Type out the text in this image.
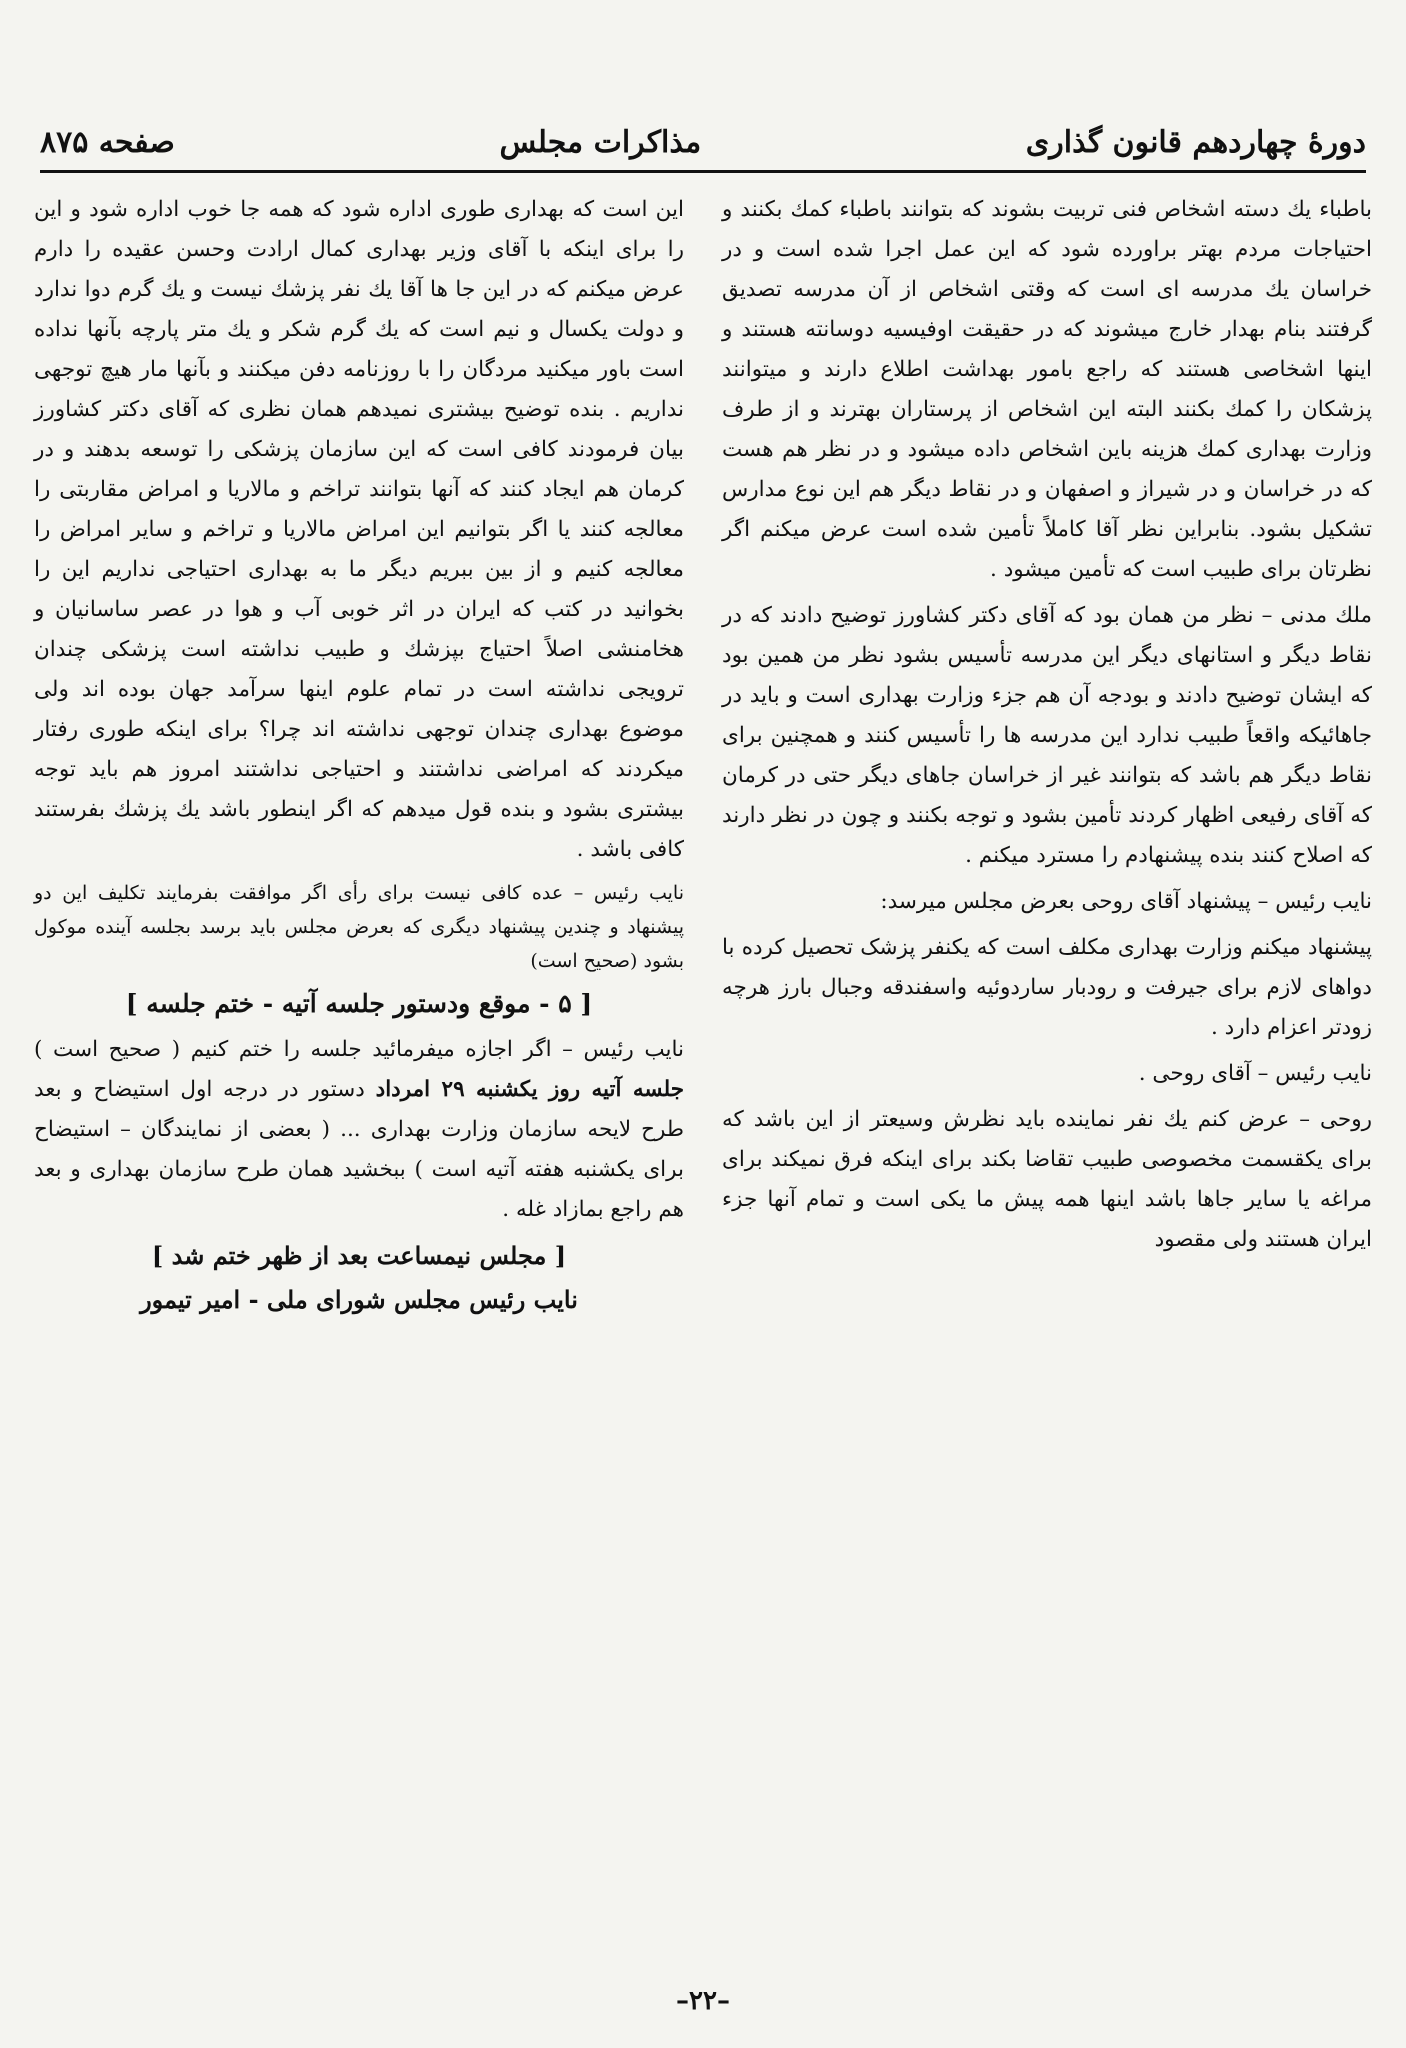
دورهٔ چهاردهم قانون گذاری
مذاکرات مجلس
صفحه ۸۷۵

باطباء یك دسته اشخاص فنی تربیت بشوند که بتوانند باطباء کمك بکنند و احتیاجات مردم بهتر براورده شود که این عمل اجرا شده است و در خراسان یك مدرسه ای است که وقتی اشخاص از آن مدرسه تصدیق گرفتند بنام بهدار خارج میشوند که در حقیقت اوفیسیه دوسانته هستند و اینها اشخاصی هستند که راجع بامور بهداشت اطلاع دارند و میتوانند پزشکان را کمك بکنند البته این اشخاص از پرستاران بهترند و از طرف وزارت بهداری کمك هزینه باین اشخاص داده میشود و در نظر هم هست که در خراسان و در شیراز و اصفهان و در نقاط دیگر هم این نوع مدارس تشکیل بشود. بنابراین نظر آقا کاملاً تأمین شده است عرض میکنم اگر نظرتان برای طبیب است که تأمین میشود .

ملك مدنی – نظر من همان بود که آقای دکتر کشاورز توضیح دادند که در نقاط دیگر و استانهای دیگر این مدرسه تأسیس بشود نظر من همین بود که ایشان توضیح دادند و بودجه آن هم جزء وزارت بهداری است و باید در جاهائیکه واقعاً طبیب ندارد این مدرسه ها را تأسیس کنند و همچنین برای نقاط دیگر هم باشد که بتوانند غیر از خراسان جاهای دیگر حتی در کرمان که آقای رفیعی اظهار کردند تأمین بشود و توجه بکنند و چون در نظر دارند که اصلاح کنند بنده پیشنهادم را مسترد میکنم .

نایب رئیس – پیشنهاد آقای روحی بعرض مجلس میرسد:

پیشنهاد میکنم وزارت بهداری مکلف است که یکنفر پزشک تحصیل کرده با دواهای لازم برای جیرفت و رودبار ساردوئیه واسفندقه وجبال بارز هرچه زودتر اعزام دارد .

نایب رئیس – آقای روحی .

روحی – عرض کنم یك نفر نماینده باید نظرش وسیعتر از این باشد که برای یکقسمت مخصوصی طبیب تقاضا بکند برای اینکه فرق نمیکند برای مراغه یا سایر جاها باشد اینها همه پیش ما یکی است و تمام آنها جزء ایران هستند ولی مقصود

این است که بهداری طوری اداره شود که همه جا خوب اداره شود و این را برای اینکه با آقای وزیر بهداری کمال ارادت وحسن عقیده را دارم عرض میکنم که در این جا ها آقا یك نفر پزشك نیست و یك گرم دوا ندارد و دولت یکسال و نیم است که یك گرم شکر و یك متر پارچه بآنها نداده است باور میکنید مردگان را با روزنامه دفن میکنند و بآنها مار هیچ توجهی نداریم . بنده توضیح بیشتری نمیدهم همان نظری که آقای دکتر کشاورز بیان فرمودند کافی است که این سازمان پزشکی را توسعه بدهند و در کرمان هم ایجاد کنند که آنها بتوانند تراخم و مالاریا و امراض مقاربتی را معالجه کنند یا اگر بتوانیم این امراض مالاریا و تراخم و سایر امراض را معالجه کنیم و از بین ببریم دیگر ما به بهداری احتیاجی نداریم این را بخوانید در کتب که ایران در اثر خوبی آب و هوا در عصر ساسانیان و هخامنشی اصلاً احتیاج بپزشك و طبیب نداشته است پزشکی چندان ترویجی نداشته است در تمام علوم اینها سرآمد جهان بوده اند ولی موضوع بهداری چندان توجهی نداشته اند چرا؟ برای اینکه طوری رفتار میکردند که امراضی نداشتند و احتیاجی نداشتند امروز هم باید توجه بیشتری بشود و بنده قول میدهم که اگر اینطور باشد یك پزشك بفرستند کافی باشد .

نایب رئیس – عده کافی نیست برای رأی اگر موافقت بفرمایند تکلیف این دو پیشنهاد و چندین پیشنهاد دیگری که بعرض مجلس باید برسد بجلسه آینده موکول بشود (صحیح است)

[ ۵ - موقع ودستور جلسه آتیه - ختم جلسه ]

نایب رئیس – اگر اجازه میفرمائید جلسه را ختم کنیم ( صحیح است ) جلسه آتیه روز یکشنبه ۲۹ امرداد دستور در درجه اول استیضاح و بعد طرح لایحه سازمان وزارت بهداری ... ( بعضی از نمایندگان – استیضاح برای یکشنبه هفته آتیه است ) ببخشید همان طرح سازمان بهداری و بعد هم راجع بمازاد غله .

[ مجلس نیمساعت بعد از ظهر ختم شد ]
نایب رئیس مجلس شورای ملی - امیر تیمور
–۲۲–
